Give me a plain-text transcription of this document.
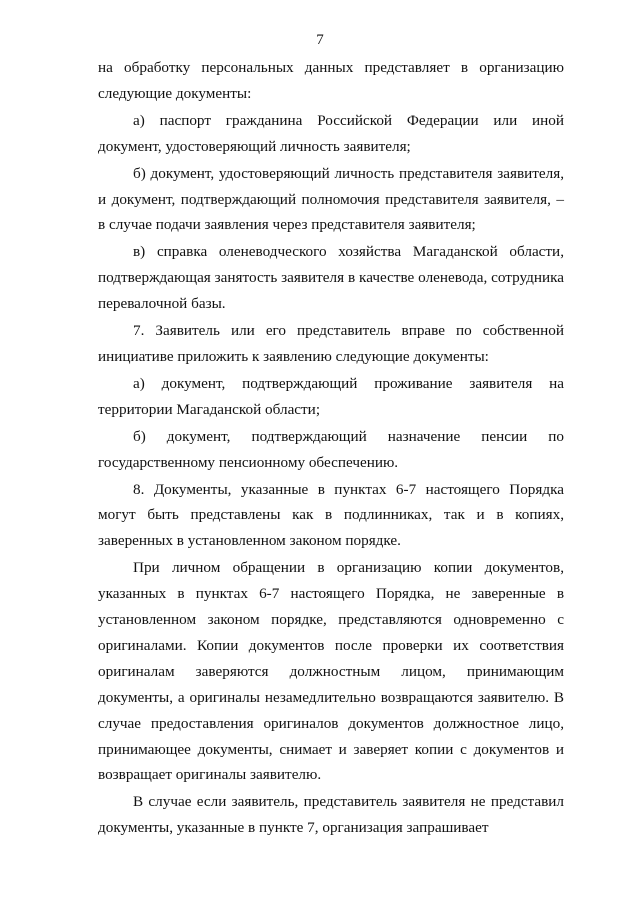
7

на обработку персональных данных представляет в организацию следующие документы:

а) паспорт гражданина Российской Федерации или иной документ, удостоверяющий личность заявителя;

б) документ, удостоверяющий личность представителя заявителя, и документ, подтверждающий полномочия представителя заявителя, – в случае подачи заявления через представителя заявителя;

в) справка оленеводческого хозяйства Магаданской области, подтверждающая занятость заявителя в качестве оленевода, сотрудника перевалочной базы.

7. Заявитель или его представитель вправе по собственной инициативе приложить к заявлению следующие документы:

а) документ, подтверждающий проживание заявителя на территории Магаданской области;

б) документ, подтверждающий назначение пенсии по государственному пенсионному обеспечению.

8. Документы, указанные в пунктах 6-7 настоящего Порядка могут быть представлены как в подлинниках, так и в копиях, заверенных в установленном законом порядке.

При личном обращении в организацию копии документов, указанных в пунктах 6-7 настоящего Порядка, не заверенные в установленном законом порядке, представляются одновременно с оригиналами. Копии документов после проверки их соответствия оригиналам заверяются должностным лицом, принимающим документы, а оригиналы незамедлительно возвращаются заявителю. В случае предоставления оригиналов документов должностное лицо, принимающее документы, снимает и заверяет копии с документов и возвращает оригиналы заявителю.

В случае если заявитель, представитель заявителя не представил документы, указанные в пункте 7, организация запрашивает
